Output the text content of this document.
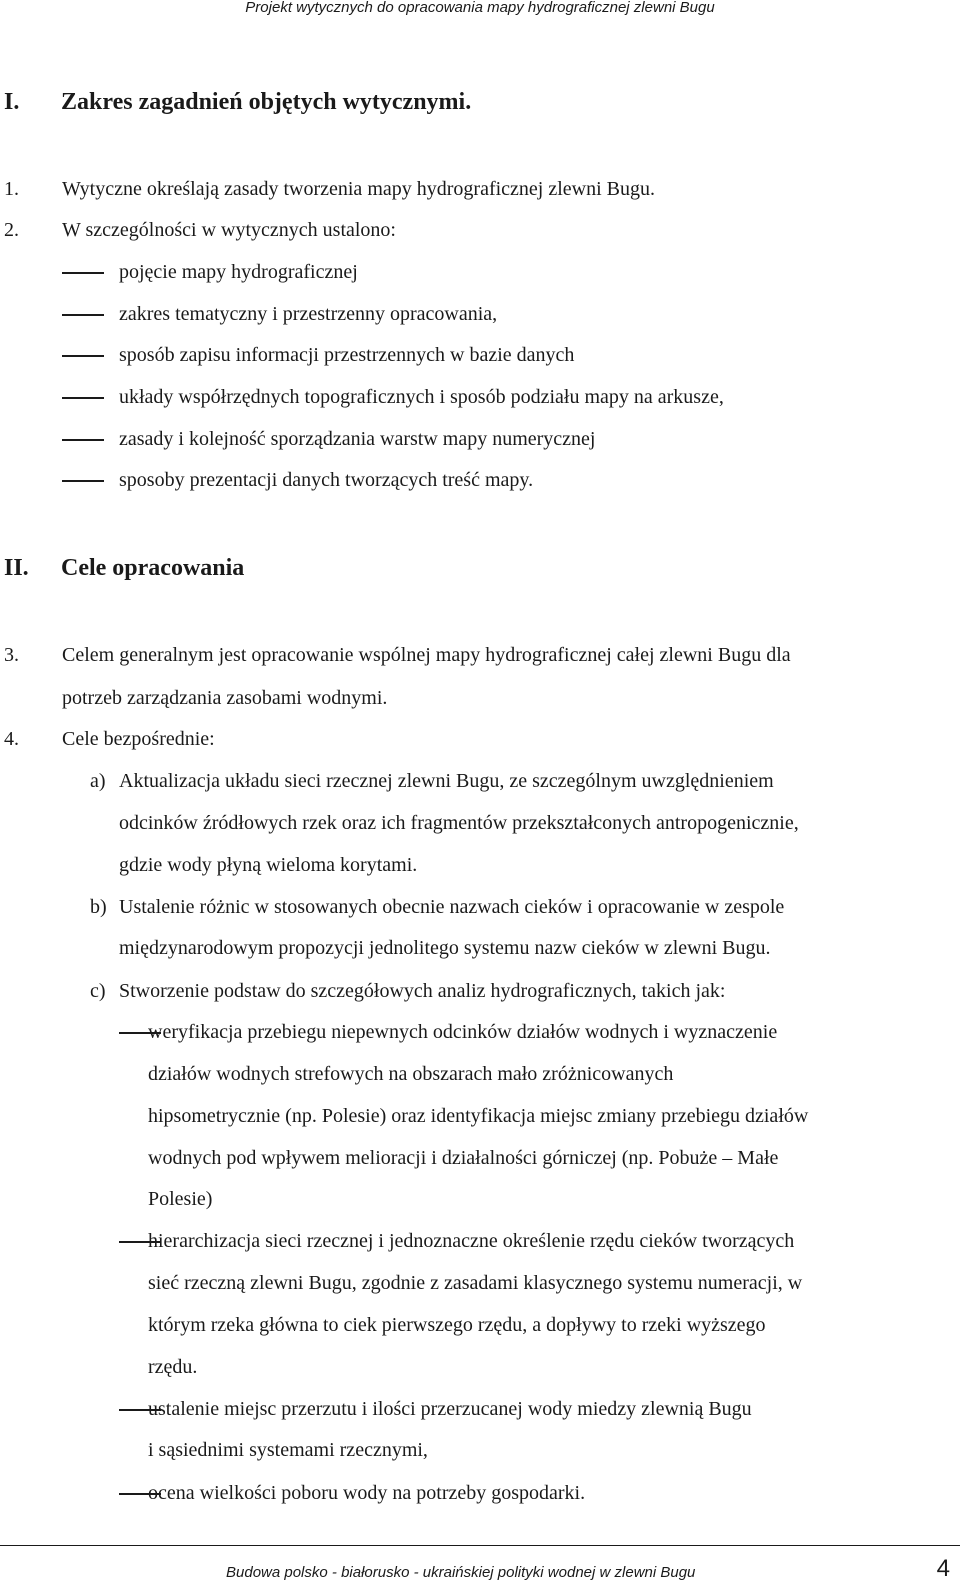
Projekt wytycznych do opracowania mapy hydrograficznej zlewni Bugu
I. Zakres zagadnień objętych wytycznymi.
1. Wytyczne określają zasady tworzenia mapy hydrograficznej zlewni Bugu.
2. W szczególności w wytycznych ustalono:
pojęcie mapy hydrograficznej
zakres tematyczny i przestrzenny opracowania,
sposób zapisu informacji przestrzennych w bazie danych
układy współrzędnych topograficznych i sposób podziału mapy na arkusze,
zasady i kolejność sporządzania warstw mapy numerycznej
sposoby prezentacji danych tworzących treść mapy.
II. Cele opracowania
3. Celem generalnym jest opracowanie wspólnej mapy hydrograficznej całej zlewni Bugu dla
potrzeb zarządzania zasobami wodnymi.
4. Cele bezpośrednie:
a) Aktualizacja układu sieci rzecznej zlewni Bugu, ze szczególnym uwzględnieniem
odcinków źródłowych rzek oraz ich fragmentów przekształconych antropogenicznie,
gdzie wody płyną wieloma korytami.
b) Ustalenie różnic w stosowanych obecnie nazwach cieków i opracowanie w zespole
międzynarodowym propozycji jednolitego systemu nazw cieków w zlewni Bugu.
c) Stworzenie podstaw do szczegółowych analiz hydrograficznych, takich jak:
weryfikacja przebiegu niepewnych odcinków działów wodnych i wyznaczenie
działów wodnych strefowych na obszarach mało zróżnicowanych
hipsometrycznie (np. Polesie) oraz identyfikacja miejsc zmiany przebiegu działów
wodnych pod wpływem melioracji i działalności górniczej (np. Pobuże – Małe
Polesie)
hierarchizacja sieci rzecznej i jednoznaczne określenie rzędu cieków tworzących
sieć rzeczną zlewni Bugu, zgodnie z zasadami klasycznego systemu numeracji, w
którym rzeka główna to ciek pierwszego rzędu, a dopływy to rzeki wyższego
rzędu.
ustalenie miejsc przerzutu i ilości przerzucanej wody miedzy zlewnią Bugu
i sąsiednimi systemami rzecznymi,
ocena wielkości poboru wody na potrzeby gospodarki.
Budowa polsko - białorusko - ukraińskiej polityki wodnej w zlewni Bugu	4
